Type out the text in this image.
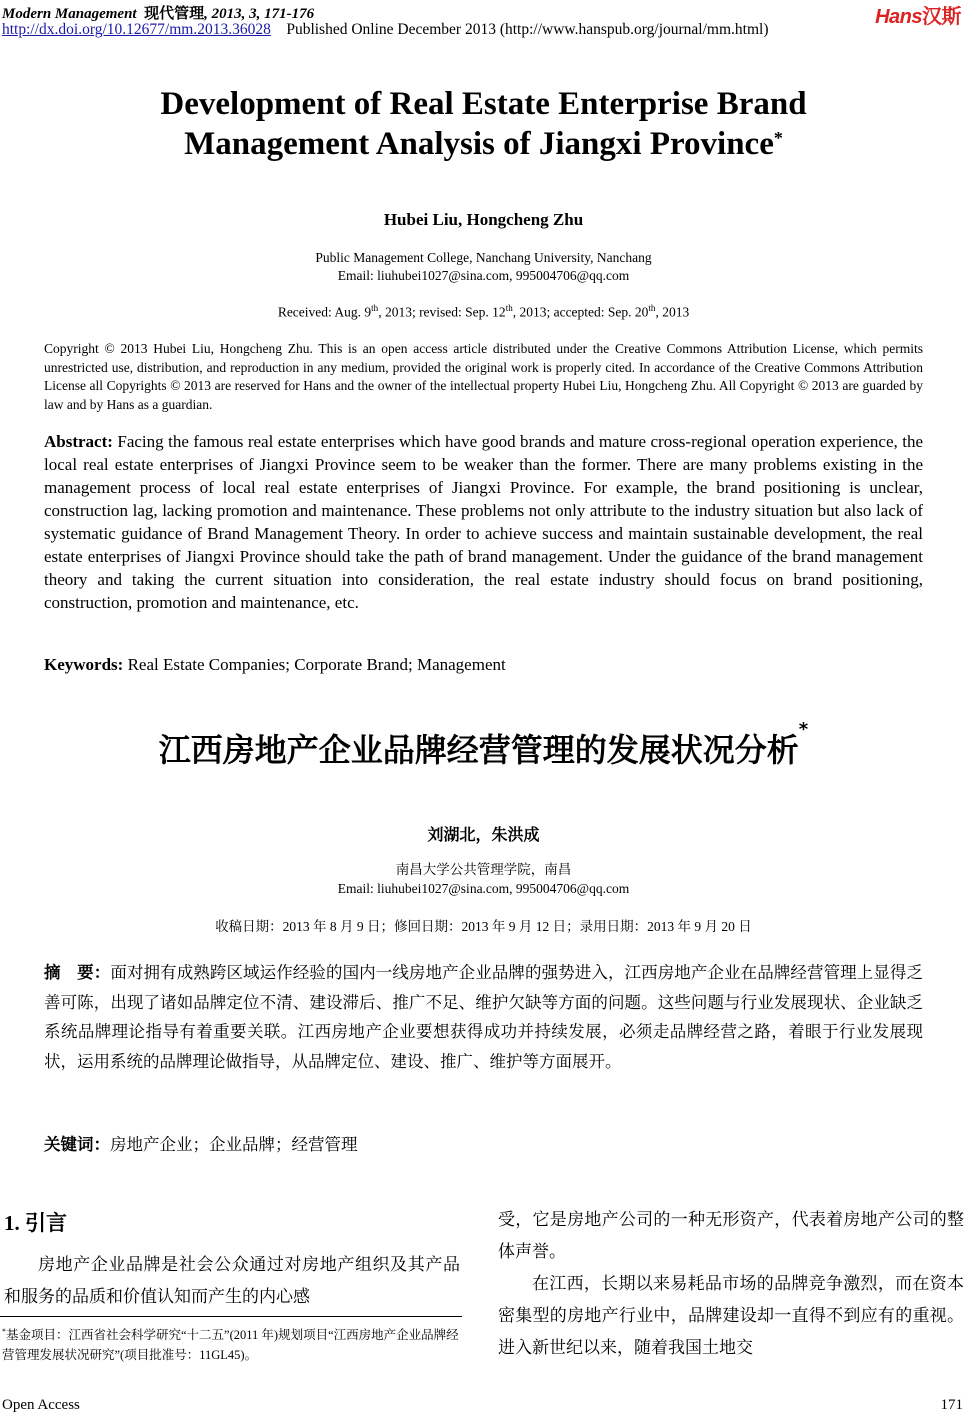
Modern Management 现代管理, 2013, 3, 171-176	Hans汉斯
http://dx.doi.org/10.12677/mm.2013.36028 Published Online December 2013 (http://www.hanspub.org/journal/mm.html)
Development of Real Estate Enterprise Brand
Management Analysis of Jiangxi Province*
Hubei Liu, Hongcheng Zhu
Public Management College, Nanchang University, Nanchang
Email: liuhubei1027@sina.com, 995004706@qq.com
Received: Aug. 9th, 2013; revised: Sep. 12th, 2013; accepted: Sep. 20th, 2013
Copyright © 2013 Hubei Liu, Hongcheng Zhu. This is an open access article distributed under the Creative Commons Attribution License, which permits unrestricted use, distribution, and reproduction in any medium, provided the original work is properly cited. In accordance of the Creative Commons Attribution License all Copyrights © 2013 are reserved for Hans and the owner of the intellectual property Hubei Liu, Hongcheng Zhu. All Copyright © 2013 are guarded by law and by Hans as a guardian.
Abstract: Facing the famous real estate enterprises which have good brands and mature cross-regional operation experience, the local real estate enterprises of Jiangxi Province seem to be weaker than the former. There are many problems existing in the management process of local real estate enterprises of Jiangxi Province. For example, the brand positioning is unclear, construction lag, lacking promotion and maintenance. These problems not only attribute to the industry situation but also lack of systematic guidance of Brand Management Theory. In order to achieve success and maintain sustainable development, the real estate enterprises of Jiangxi Province should take the path of brand management. Under the guidance of the brand management theory and taking the current situation into consideration, the real estate industry should focus on brand positioning, construction, promotion and maintenance, etc.
Keywords: Real Estate Companies; Corporate Brand; Management
江西房地产企业品牌经营管理的发展状况分析*
刘湖北，朱洪成
南昌大学公共管理学院，南昌
Email: liuhubei1027@sina.com, 995004706@qq.com
收稿日期：2013 年 8 月 9 日；修回日期：2013 年 9 月 12 日；录用日期：2013 年 9 月 20 日
摘　要：面对拥有成熟跨区域运作经验的国内一线房地产企业品牌的强势进入，江西房地产企业在品牌经营管理上显得乏善可陈，出现了诸如品牌定位不清、建设滞后、推广不足、维护欠缺等方面的问题。这些问题与行业发展现状、企业缺乏系统品牌理论指导有着重要关联。江西房地产企业要想获得成功并持续发展，必须走品牌经营之路，着眼于行业发展现状，运用系统的品牌理论做指导，从品牌定位、建设、推广、维护等方面展开。
关键词：房地产企业；企业品牌；经营管理
1. 引言
房地产企业品牌是社会公众通过对房地产组织及其产品和服务的品质和价值认知而产生的内心感
*基金项目：江西省社会科学研究“十二五”(2011 年)规划项目“江西房地产企业品牌经营管理发展状况研究”(项目批准号：11GL45)。
受，它是房地产公司的一种无形资产，代表着房地产公司的整体声誉。
在江西，长期以来易耗品市场的品牌竞争激烈，而在资本密集型的房地产行业中，品牌建设却一直得不到应有的重视。进入新世纪以来，随着我国土地交
Open Access	171
